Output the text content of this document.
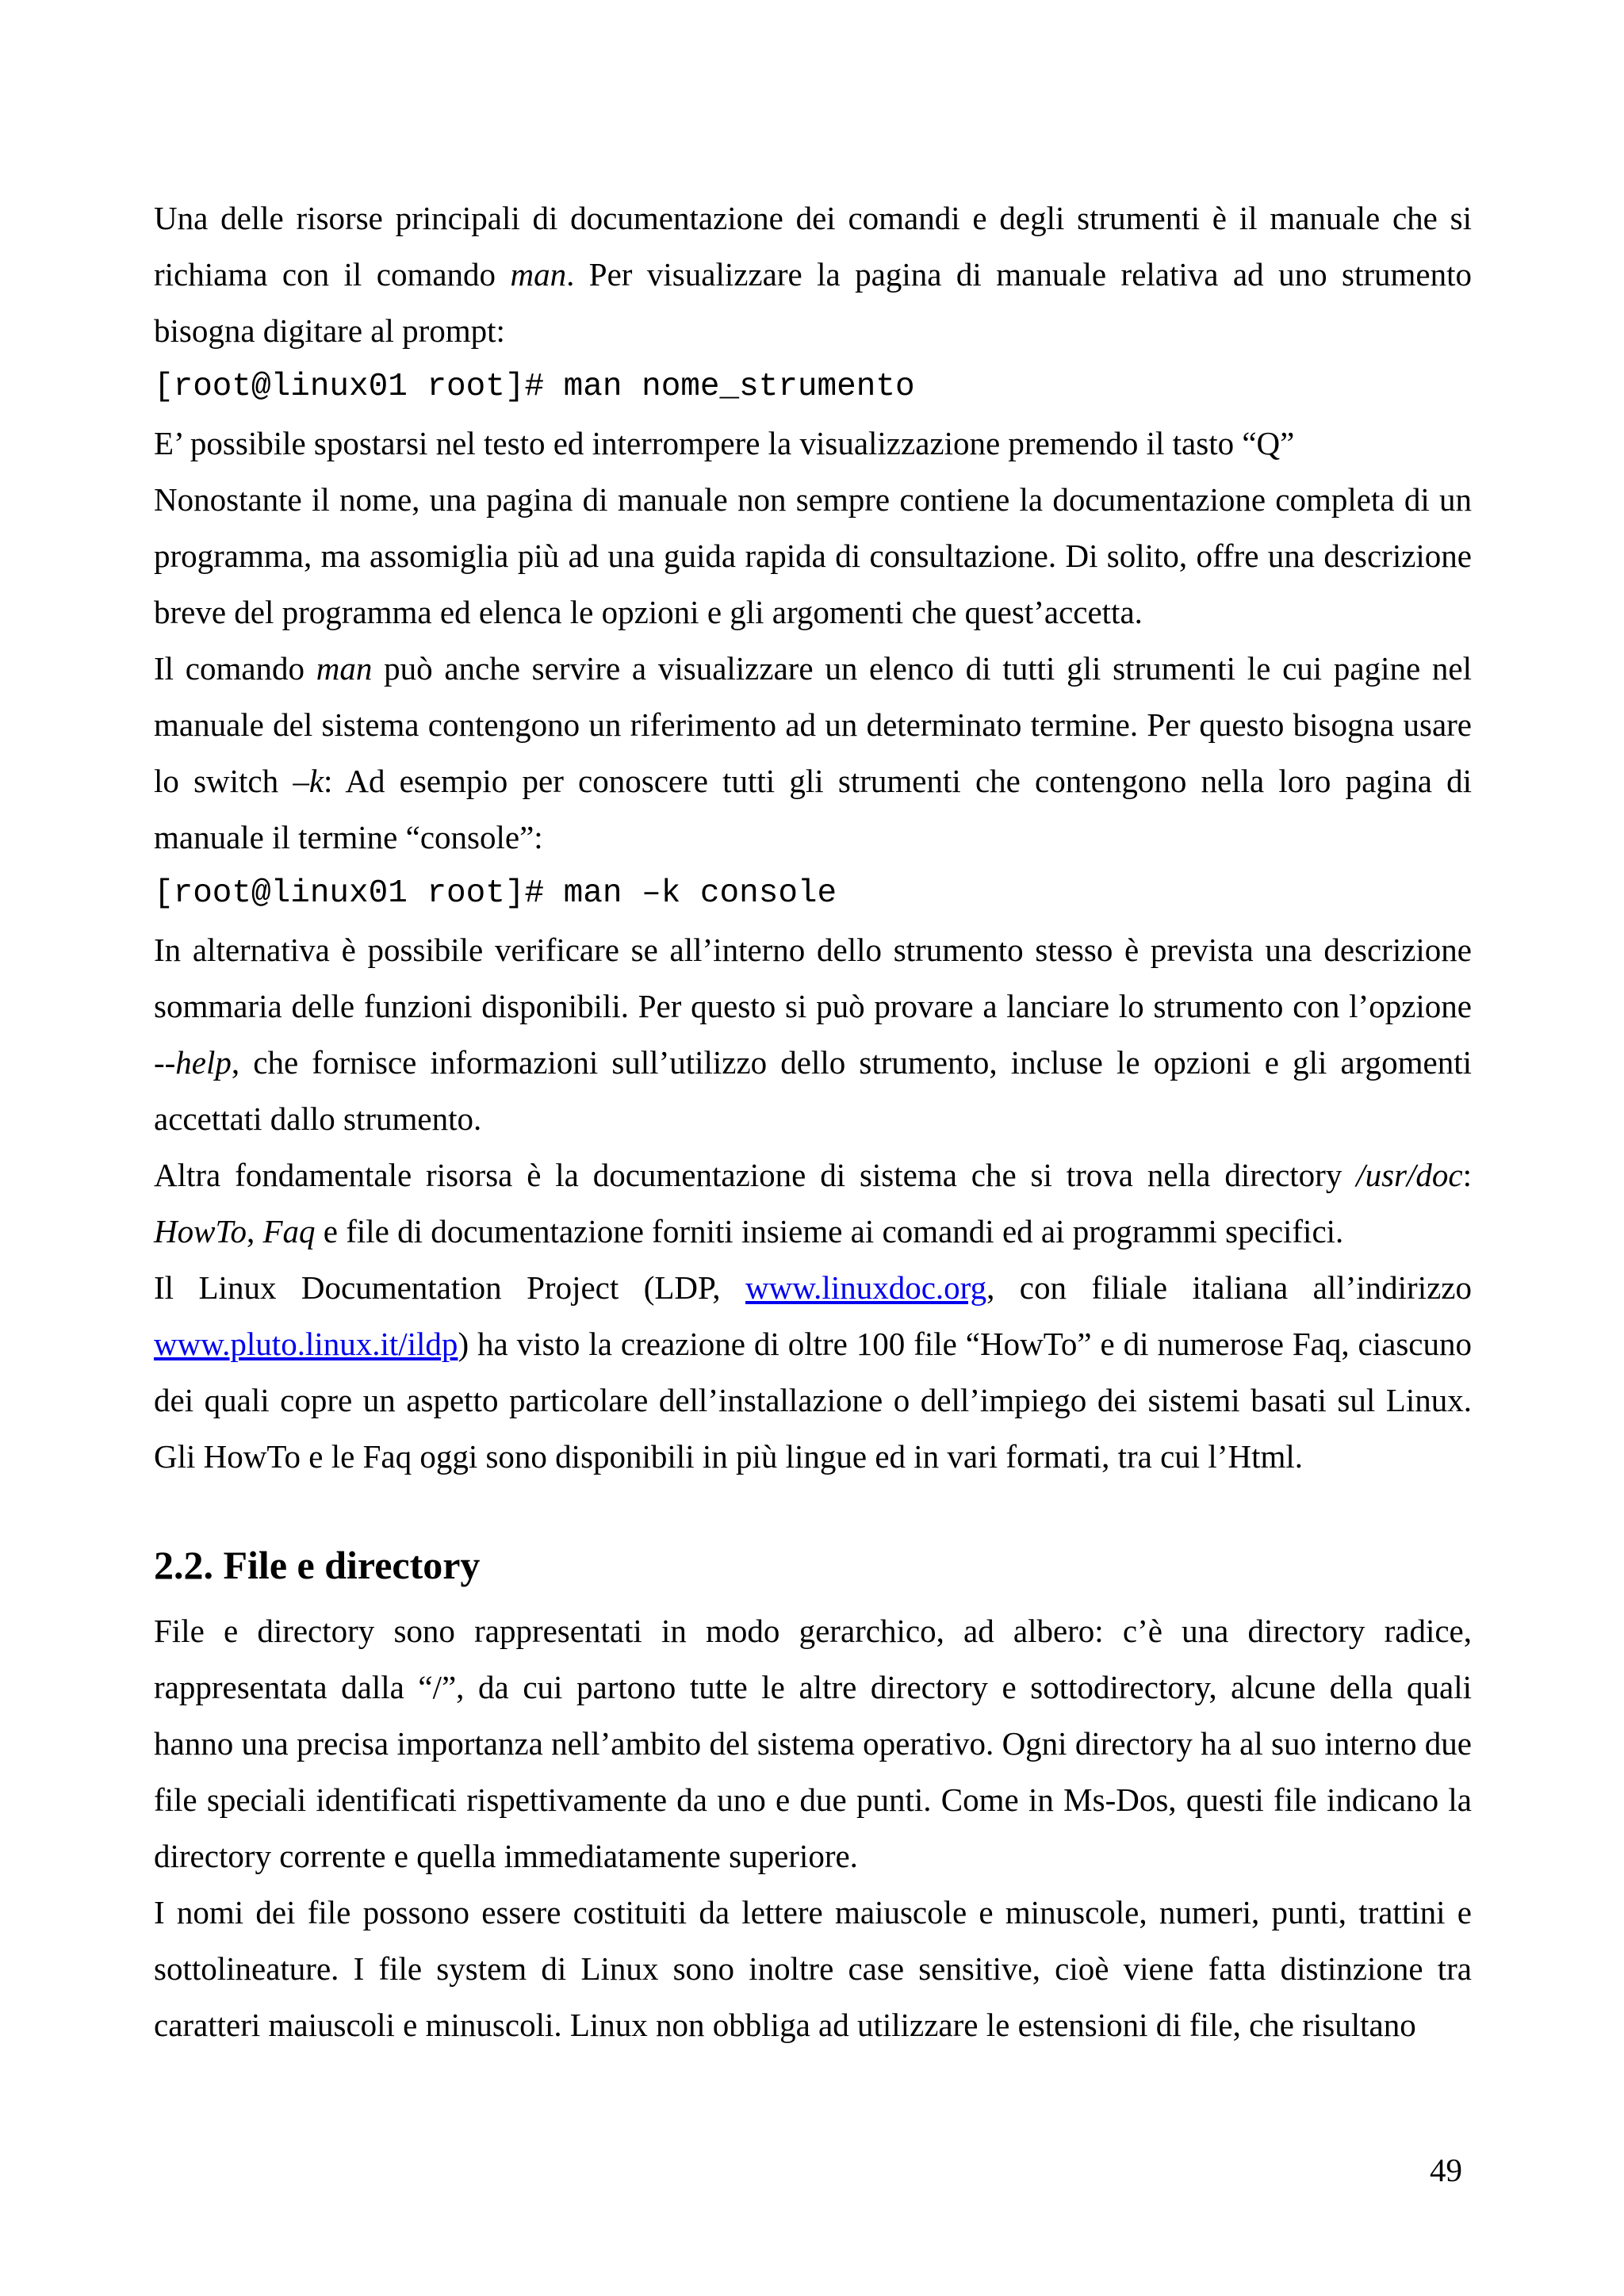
Una delle risorse principali di documentazione dei comandi e degli strumenti è il manuale che si richiama con il comando man. Per visualizzare la pagina di manuale relativa ad uno strumento bisogna digitare al prompt:

[root@linux01 root]# man nome_strumento

E’ possibile spostarsi nel testo ed interrompere la visualizzazione premendo il tasto “Q”

Nonostante il nome, una pagina di manuale non sempre contiene la documentazione completa di un programma, ma assomiglia più ad una guida rapida di consultazione. Di solito, offre una descrizione breve del programma ed elenca le opzioni e gli argomenti che quest’accetta.

Il comando man può anche servire a visualizzare un elenco di tutti gli strumenti le cui pagine nel manuale del sistema contengono un riferimento ad un determinato termine. Per questo bisogna usare lo switch –k: Ad esempio per conoscere tutti gli strumenti che contengono nella loro pagina di manuale il termine “console”:

[root@linux01 root]# man –k console

In alternativa è possibile verificare se all’interno dello strumento stesso è prevista una descrizione sommaria delle funzioni disponibili. Per questo si può provare a lanciare lo strumento con l’opzione --help, che fornisce informazioni sull’utilizzo dello strumento, incluse le opzioni e gli argomenti accettati dallo strumento.

Altra fondamentale risorsa è la documentazione di sistema che si trova nella directory /usr/doc: HowTo, Faq e file di documentazione forniti insieme ai comandi ed ai programmi specifici.

Il Linux Documentation Project (LDP, www.linuxdoc.org, con filiale italiana all’indirizzo www.pluto.linux.it/ildp) ha visto la creazione di oltre 100 file “HowTo” e di numerose Faq, ciascuno dei quali copre un aspetto particolare dell’installazione o dell’impiego dei sistemi basati sul Linux. Gli HowTo e le Faq oggi sono disponibili in più lingue ed in vari formati, tra cui l’Html.

2.2. File e directory

File e directory sono rappresentati in modo gerarchico, ad albero: c’è una directory radice, rappresentata dalla “/”, da cui partono tutte le altre directory e sottodirectory, alcune della quali hanno una precisa importanza nell’ambito del sistema operativo. Ogni directory ha al suo interno due file speciali identificati rispettivamente da uno e due punti. Come in Ms-Dos, questi file indicano la directory corrente e quella immediatamente superiore.

I nomi dei file possono essere costituiti da lettere maiuscole e minuscole, numeri, punti, trattini e sottolineature. I file system di Linux sono inoltre case sensitive, cioè viene fatta distinzione tra caratteri maiuscoli e minuscoli. Linux non obbliga ad utilizzare le estensioni di file, che risultano

49
